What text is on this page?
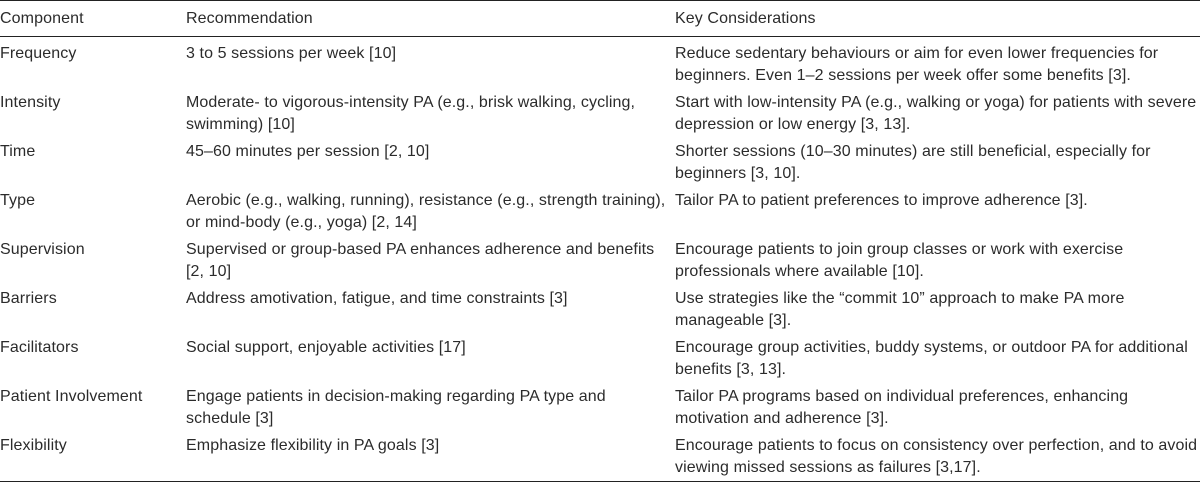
Component	Recommendation	Key Considerations
Frequency	3 to 5 sessions per week [10]	Reduce sedentary behaviours or aim for even lower frequencies for beginners. Even 1–2 sessions per week offer some benefits [3].
Intensity	Moderate- to vigorous-intensity PA (e.g., brisk walking, cycling, swimming) [10]	Start with low-intensity PA (e.g., walking or yoga) for patients with severe depression or low energy [3, 13].
Time	45–60 minutes per session [2, 10]	Shorter sessions (10–30 minutes) are still beneficial, especially for beginners [3, 10].
Type	Aerobic (e.g., walking, running), resistance (e.g., strength training), or mind-body (e.g., yoga) [2, 14]	Tailor PA to patient preferences to improve adherence [3].
Supervision	Supervised or group-based PA enhances adherence and benefits [2, 10]	Encourage patients to join group classes or work with exercise professionals where available [10].
Barriers	Address amotivation, fatigue, and time constraints [3]	Use strategies like the “commit 10” approach to make PA more manageable [3].
Facilitators	Social support, enjoyable activities [17]	Encourage group activities, buddy systems, or outdoor PA for additional benefits [3, 13].
Patient Involvement	Engage patients in decision-making regarding PA type and schedule [3]	Tailor PA programs based on individual preferences, enhancing motivation and adherence [3].
Flexibility	Emphasize flexibility in PA goals [3]	Encourage patients to focus on consistency over perfection, and to avoid viewing missed sessions as failures [3,17].
